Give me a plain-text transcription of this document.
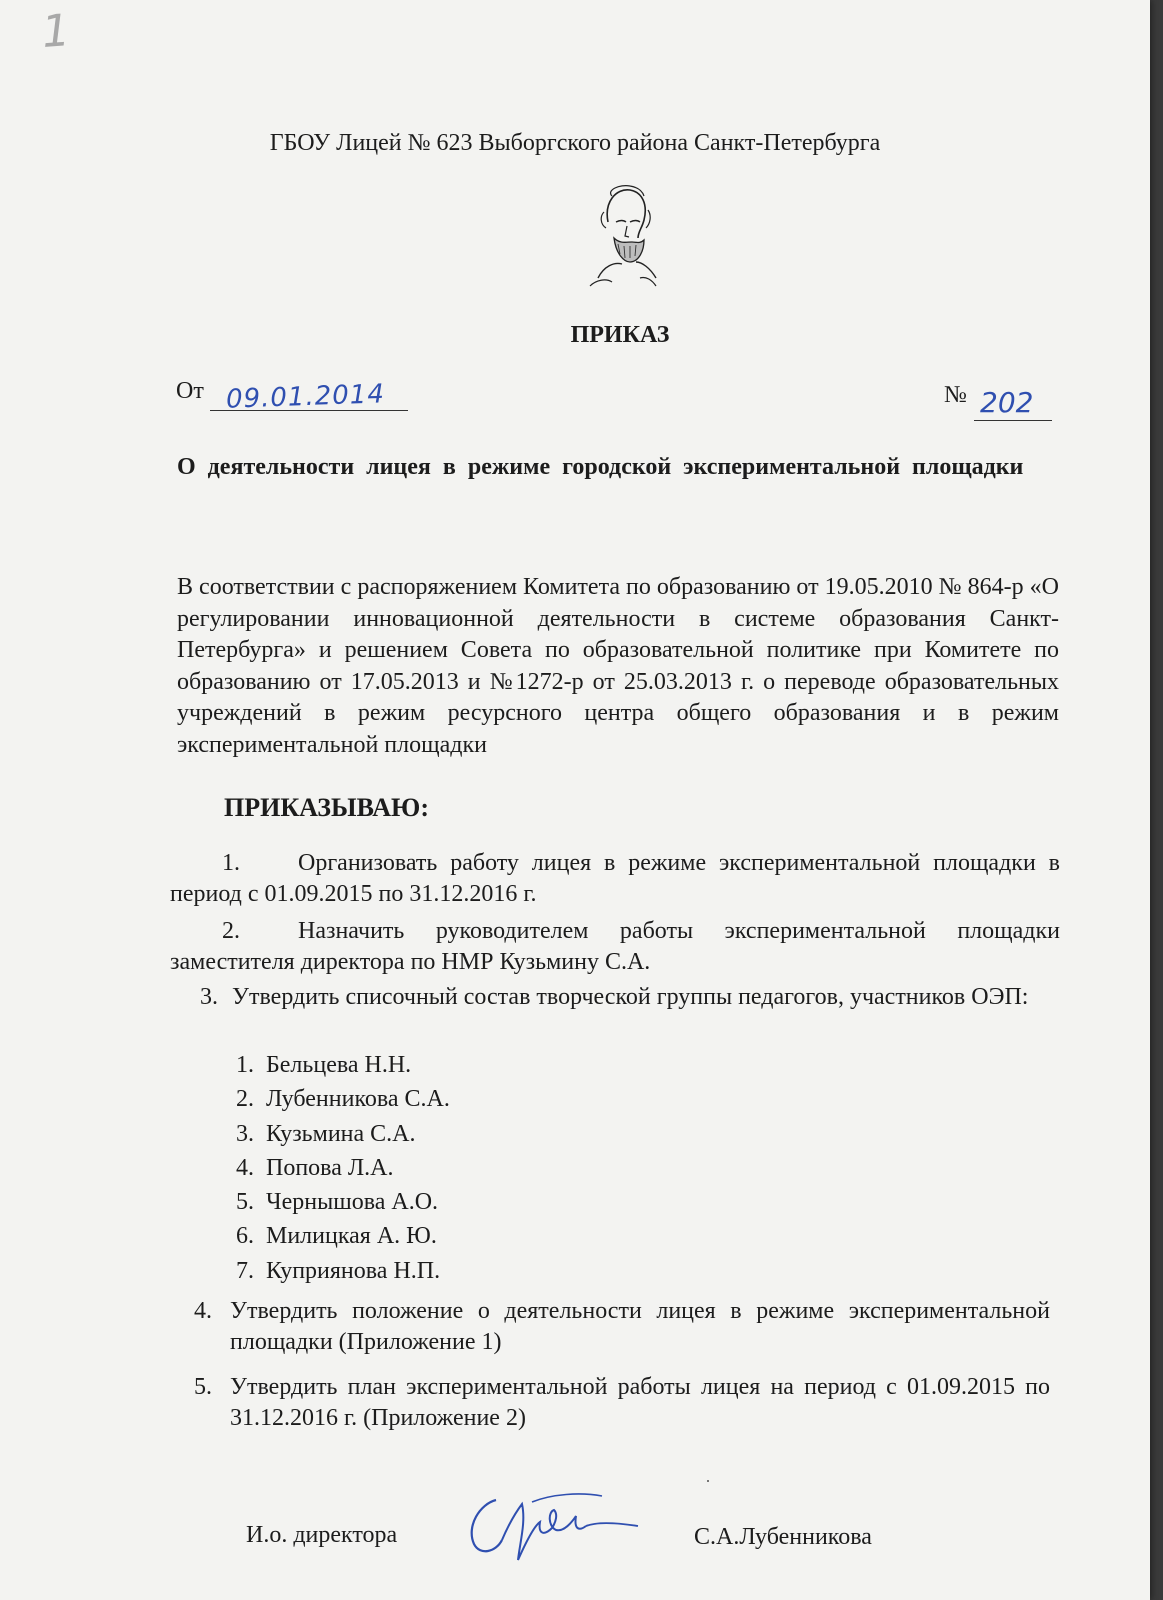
1
ГБОУ Лицей № 623 Выборгского района Санкт-Петербурга
ПРИКАЗ
От 09.01.2014	№ 202
О деятельности лицея в режиме городской экспериментальной площадки
В соответствии с распоряжением Комитета по образованию от 19.05.2010 № 864-р «О регулировании инновационной деятельности в системе образования Санкт-Петербурга» и решением Совета по образовательной политике при Комитете по образованию от 17.05.2013 и №1272-р от 25.03.2013 г. о переводе образовательных учреждений в режим ресурсного центра общего образования и в режим экспериментальной площадки
ПРИКАЗЫВАЮ:
1. Организовать работу лицея в режиме экспериментальной площадки в период с 01.09.2015 по 31.12.2016 г.
2. Назначить руководителем работы экспериментальной площадки заместителя директора по НМР Кузьмину С.А.
3. Утвердить списочный состав творческой группы педагогов, участников ОЭП:
1. Бельцева Н.Н.
2. Лубенникова С.А.
3. Кузьмина С.А.
4. Попова Л.А.
5. Чернышова А.О.
6. Милицкая А. Ю.
7. Куприянова Н.П.
4. Утвердить положение о деятельности лицея в режиме экспериментальной площадки (Приложение 1)
5. Утвердить план экспериментальной работы лицея на период с 01.09.2015 по 31.12.2016 г. (Приложение 2)
И.о. директора	С.А.Лубенникова
